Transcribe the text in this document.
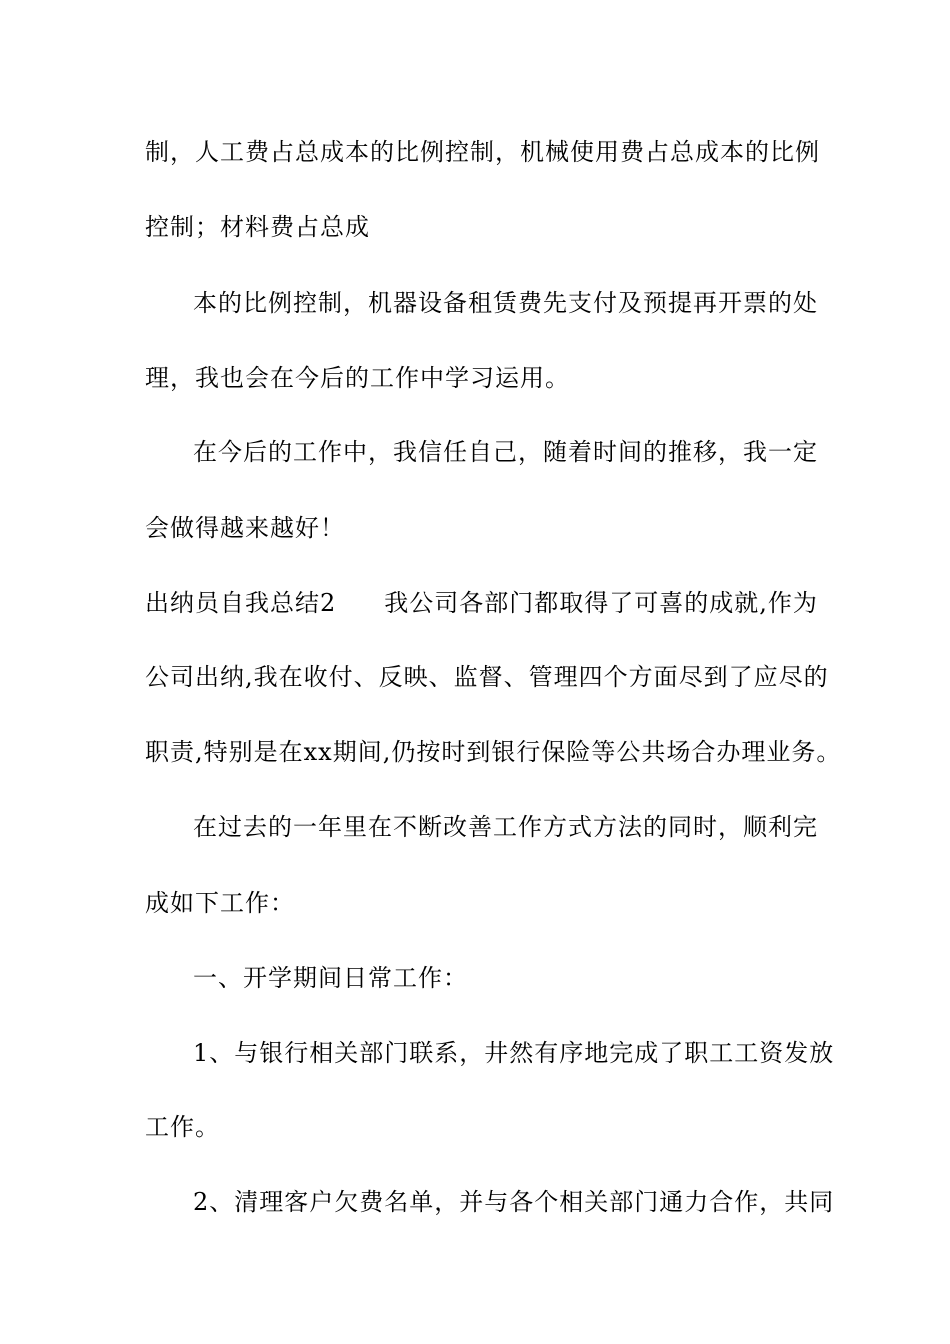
制，人工费占总成本的比例控制，机械使用费占总成本的比例
控制；材料费占总成
本的比例控制，机器设备租赁费先支付及预提再开票的处
理，我也会在今后的工作中学习运用。
在今后的工作中，我信任自己，随着时间的推移，我一定
会做得越来越好！
出纳员自我总结2 我公司各部门都取得了可喜的成就,作为
公司出纳,我在收付、反映、监督、管理四个方面尽到了应尽的
职责,特别是在xx期间,仍按时到银行保险等公共场合办理业务。
在过去的一年里在不断改善工作方式方法的同时，顺利完
成如下工作：
一、开学期间日常工作：
1、与银行相关部门联系，井然有序地完成了职工工资发放
工作。
2、清理客户欠费名单，并与各个相关部门通力合作，共同
